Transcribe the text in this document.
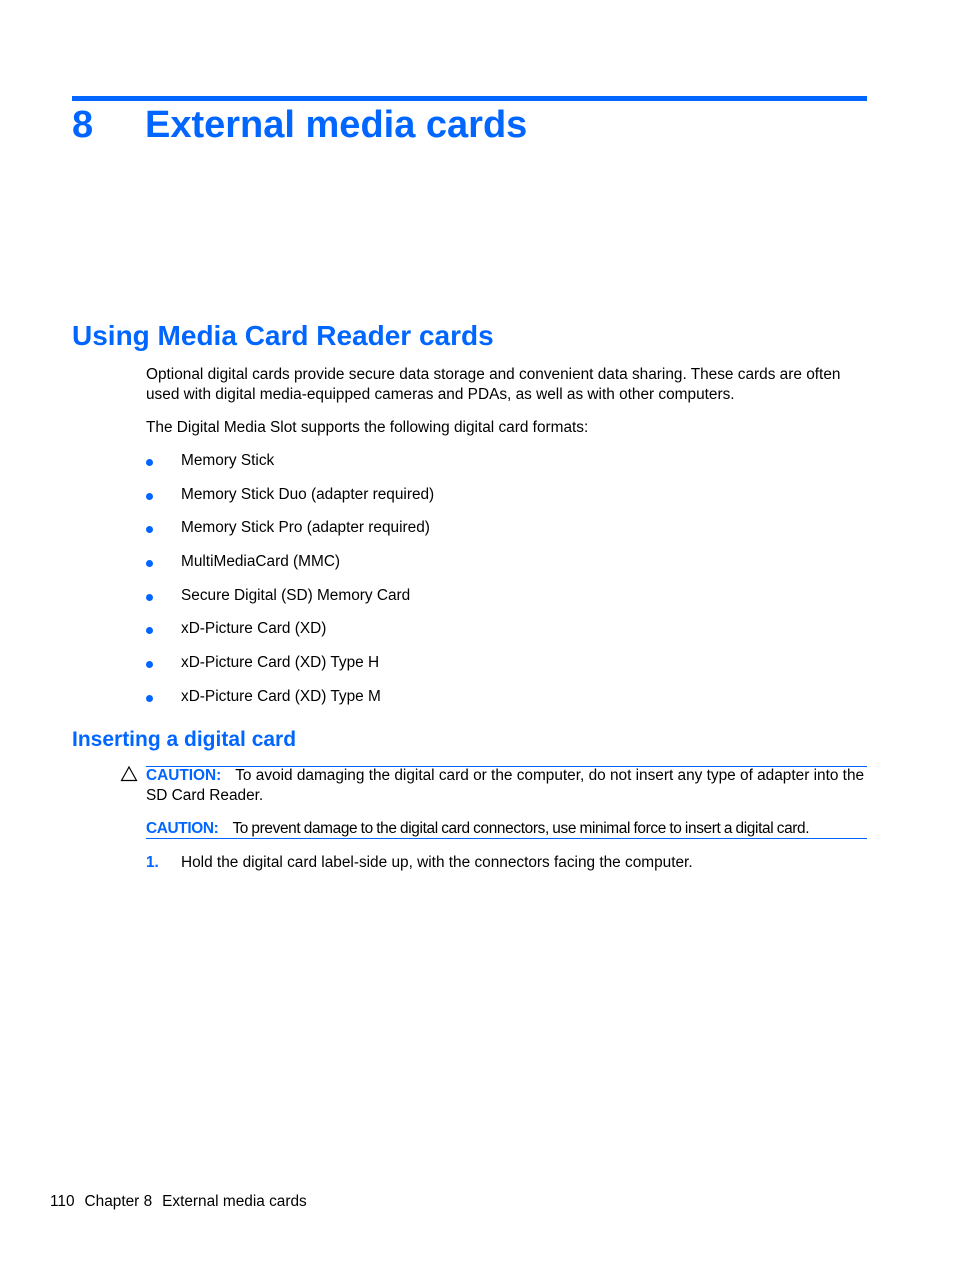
8 External media cards
Using Media Card Reader cards

Optional digital cards provide secure data storage and convenient data sharing. These cards are often used with digital media-equipped cameras and PDAs, as well as with other computers.

The Digital Media Slot supports the following digital card formats:

Memory Stick
Memory Stick Duo (adapter required)
Memory Stick Pro (adapter required)
MultiMediaCard (MMC)
Secure Digital (SD) Memory Card
xD-Picture Card (XD)
xD-Picture Card (XD) Type H
xD-Picture Card (XD) Type M
Inserting a digital card

CAUTION: To avoid damaging the digital card or the computer, do not insert any type of adapter into the SD Card Reader.

CAUTION: To prevent damage to the digital card connectors, use minimal force to insert a digital card.

1. Hold the digital card label-side up, with the connectors facing the computer.
110 Chapter 8 External media cards
